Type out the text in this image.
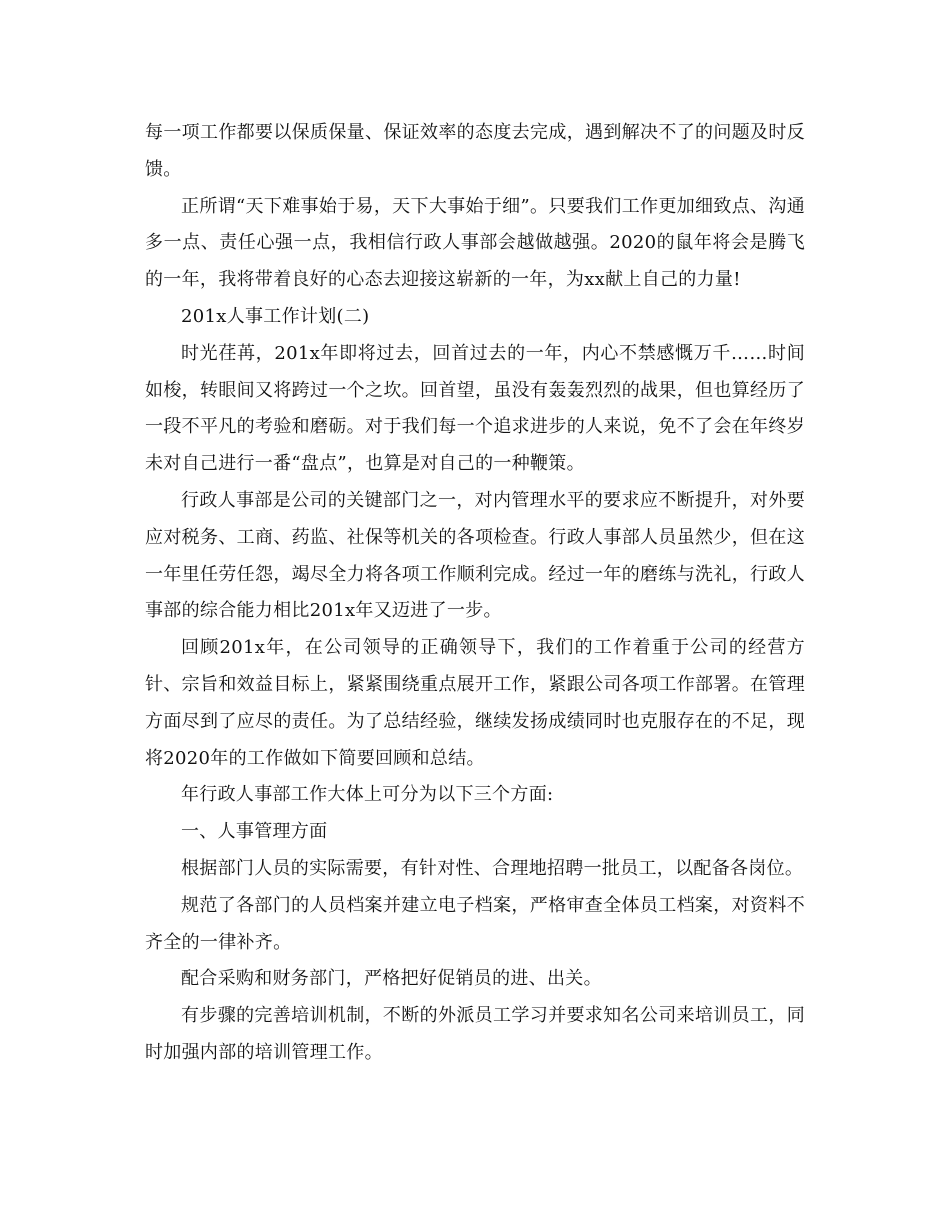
每一项工作都要以保质保量、保证效率的态度去完成，遇到解决不了的问题及时反馈。

正所谓“天下难事始于易，天下大事始于细”。只要我们工作更加细致点、沟通多一点、责任心强一点，我相信行政人事部会越做越强。2020的鼠年将会是腾飞的一年，我将带着良好的心态去迎接这崭新的一年，为xx献上自己的力量!

201x人事工作计划(二)

时光荏苒，201x年即将过去，回首过去的一年，内心不禁感慨万千……时间如梭，转眼间又将跨过一个之坎。回首望，虽没有轰轰烈烈的战果，但也算经历了一段不平凡的考验和磨砺。对于我们每一个追求进步的人来说，免不了会在年终岁未对自己进行一番“盘点”，也算是对自己的一种鞭策。

行政人事部是公司的关键部门之一，对内管理水平的要求应不断提升，对外要应对税务、工商、药监、社保等机关的各项检查。行政人事部人员虽然少，但在这一年里任劳任怨，竭尽全力将各项工作顺利完成。经过一年的磨练与洗礼，行政人事部的综合能力相比201x年又迈进了一步。

回顾201x年，在公司领导的正确领导下，我们的工作着重于公司的经营方针、宗旨和效益目标上，紧紧围绕重点展开工作，紧跟公司各项工作部署。在管理方面尽到了应尽的责任。为了总结经验，继续发扬成绩同时也克服存在的不足，现将2020年的工作做如下简要回顾和总结。

年行政人事部工作大体上可分为以下三个方面:

一、人事管理方面

根据部门人员的实际需要，有针对性、合理地招聘一批员工，以配备各岗位。

规范了各部门的人员档案并建立电子档案，严格审查全体员工档案，对资料不齐全的一律补齐。

配合采购和财务部门，严格把好促销员的进、出关。

有步骤的完善培训机制，不断的外派员工学习并要求知名公司来培训员工，同时加强内部的培训管理工作。
